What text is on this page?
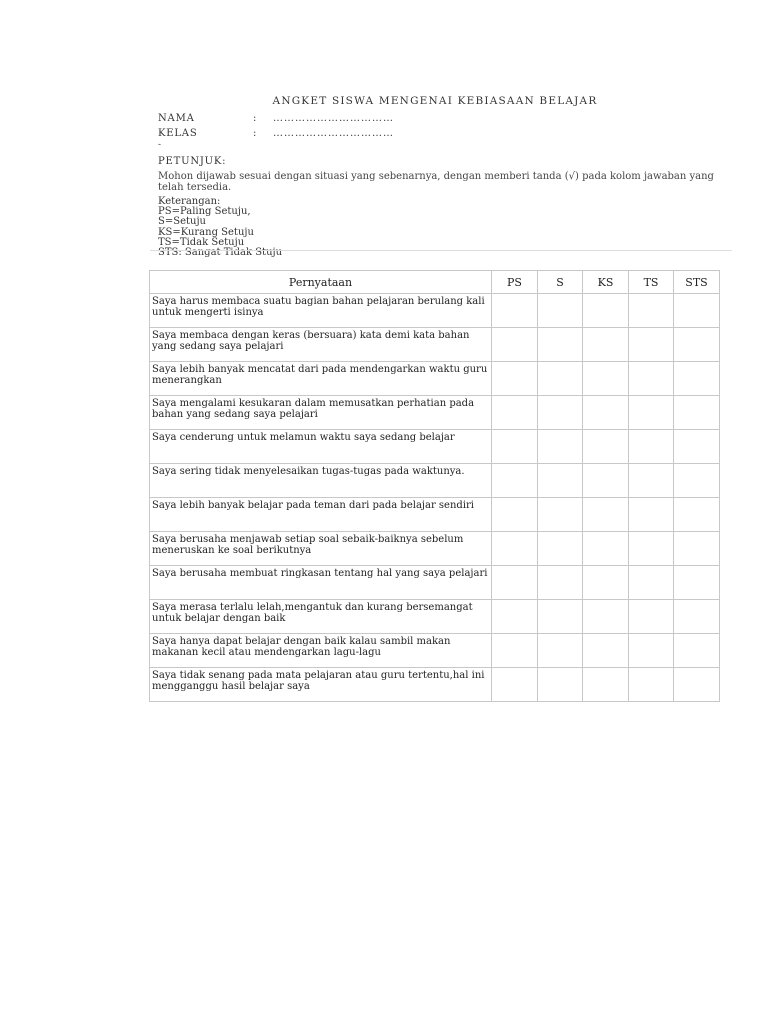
ANGKET SISWA MENGENAI KEBIASAAN BELAJAR
NAMA	: ……………………………
KELAS	: ……………………………
-
PETUNJUK:
Mohon dijawab sesuai dengan situasi yang sebenarnya, dengan memberi tanda (√) pada kolom jawaban yang telah tersedia.
Keterangan:
PS=Paling Setuju,
S=Setuju
KS=Kurang Setuju
TS=Tidak Setuju
STS: Sangat Tidak Stuju
Pernyataan	PS	S	KS	TS	STS
Saya harus membaca suatu bagian bahan pelajaran berulang kali untuk mengerti isinya					
Saya membaca dengan keras (bersuara) kata demi kata bahan yang sedang saya pelajari					
Saya lebih banyak mencatat dari pada mendengarkan waktu guru menerangkan					
Saya mengalami kesukaran dalam memusatkan perhatian pada bahan yang sedang saya pelajari					
Saya cenderung untuk melamun waktu saya sedang belajar					
Saya sering tidak menyelesaikan tugas-tugas pada waktunya.					
Saya lebih banyak belajar pada teman dari pada belajar sendiri					
Saya berusaha menjawab setiap soal sebaik-baiknya sebelum meneruskan ke soal berikutnya					
Saya berusaha membuat ringkasan tentang hal yang saya pelajari					
Saya merasa terlalu lelah,mengantuk dan kurang bersemangat untuk belajar dengan baik					
Saya hanya dapat belajar dengan baik kalau sambil makan makanan kecil atau mendengarkan lagu-lagu					
Saya tidak senang pada mata pelajaran atau guru tertentu,hal ini mengganggu hasil belajar saya					
